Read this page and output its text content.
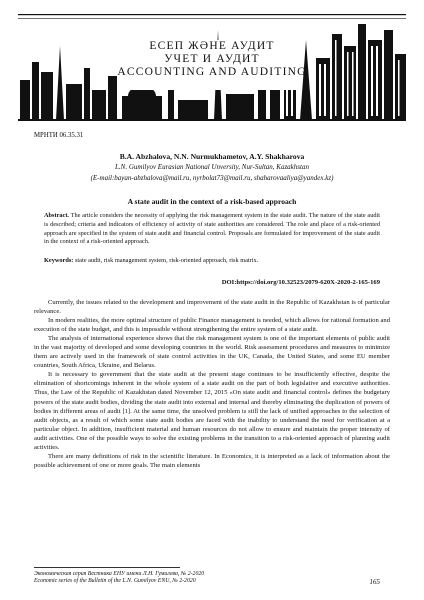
ЕСЕП ЖӘНЕ АУДИТ
УЧЕТ И АУДИТ
ACCOUNTING AND AUDITING
МРНТИ 06.35.31
B.A. Abzhalova, N.N. Nurmukhametov, A.Y. Shakharova
L.N. Gumilyov Eurasian National Unversity, Nur-Sultan, Kazakhstan
(E-mail:bayan-abzhalova@mail.ru, nyrbolat73@mail.ru, shaharovaaliya@yandex.kz)
A state audit in the context of a risk-based approach
Abstract. The article considers the necessity of applying the risk management system in the state audit. The nature of the state audit is described; criteria and indicators of efficiency of activity of state authorities are considered. The role and place of a risk-oriented approach are specified in the system of state audit and financial control. Proposals are formulated for improvement of the state audit in the context of a risk-oriented approach.
Keywords: state audit, risk management system, risk-oriented approach, risk matrix.
DOI:https://doi.org/10.32523/2079-620X-2020-2-165-169

Currently, the issues related to the development and improvement of the state audit in the Republic of Kazakhstan is of particular relevance.

In modern realities, the more optimal structure of public Finance management is needed, which allows for rational formation and execution of the state budget, and this is impossible without strengthening the entire system of a state audit.

The analysis of international experience shows that the risk management system is one of the important elements of public audit in the vast majority of developed and some developing countries in the world. Risk assessment procedures and measures to minimize them are actively used in the framework of state control activities in the UK, Canada, the United States, and some EU member countries, South Africa, Ukraine, and Belarus.

It is necessary to government that the state audit at the present stage continues to be insufficiently effective, despite the elimination of shortcomings inherent in the whole system of a state audit on the part of both legislative and executive authorities. Thus, the Law of the Republic of Kazakhstan dated November 12, 2015 «On state audit and financial control» defines the budgetary powers of the state audit bodies, dividing the state audit into external and internal and thereby eliminating the duplication of powers of bodies in different areas of audit [1]. At the same time, the unsolved problem is still the lack of unified approaches to the selection of audit objects, as a result of which some state audit bodies are faced with the inability to understand the need for verification at a particular object. In addition, insufficient material and human resources do not allow to ensure and maintain the proper intensity of audit activities. One of the possible ways to solve the existing problems in the transition to a risk-oriented approach of planning audit activities.

There are many definitions of risk in the scientific literature. In Economics, it is interpreted as a lack of information about the possible achievement of one or more goals. The main elements

Экономическая серия Вестника ЕНУ имени Л.Н. Гумилева, № 2-2020
Economic series of the Bulletin of the L.N. Gumilyov ENU, № 2-2020	165
